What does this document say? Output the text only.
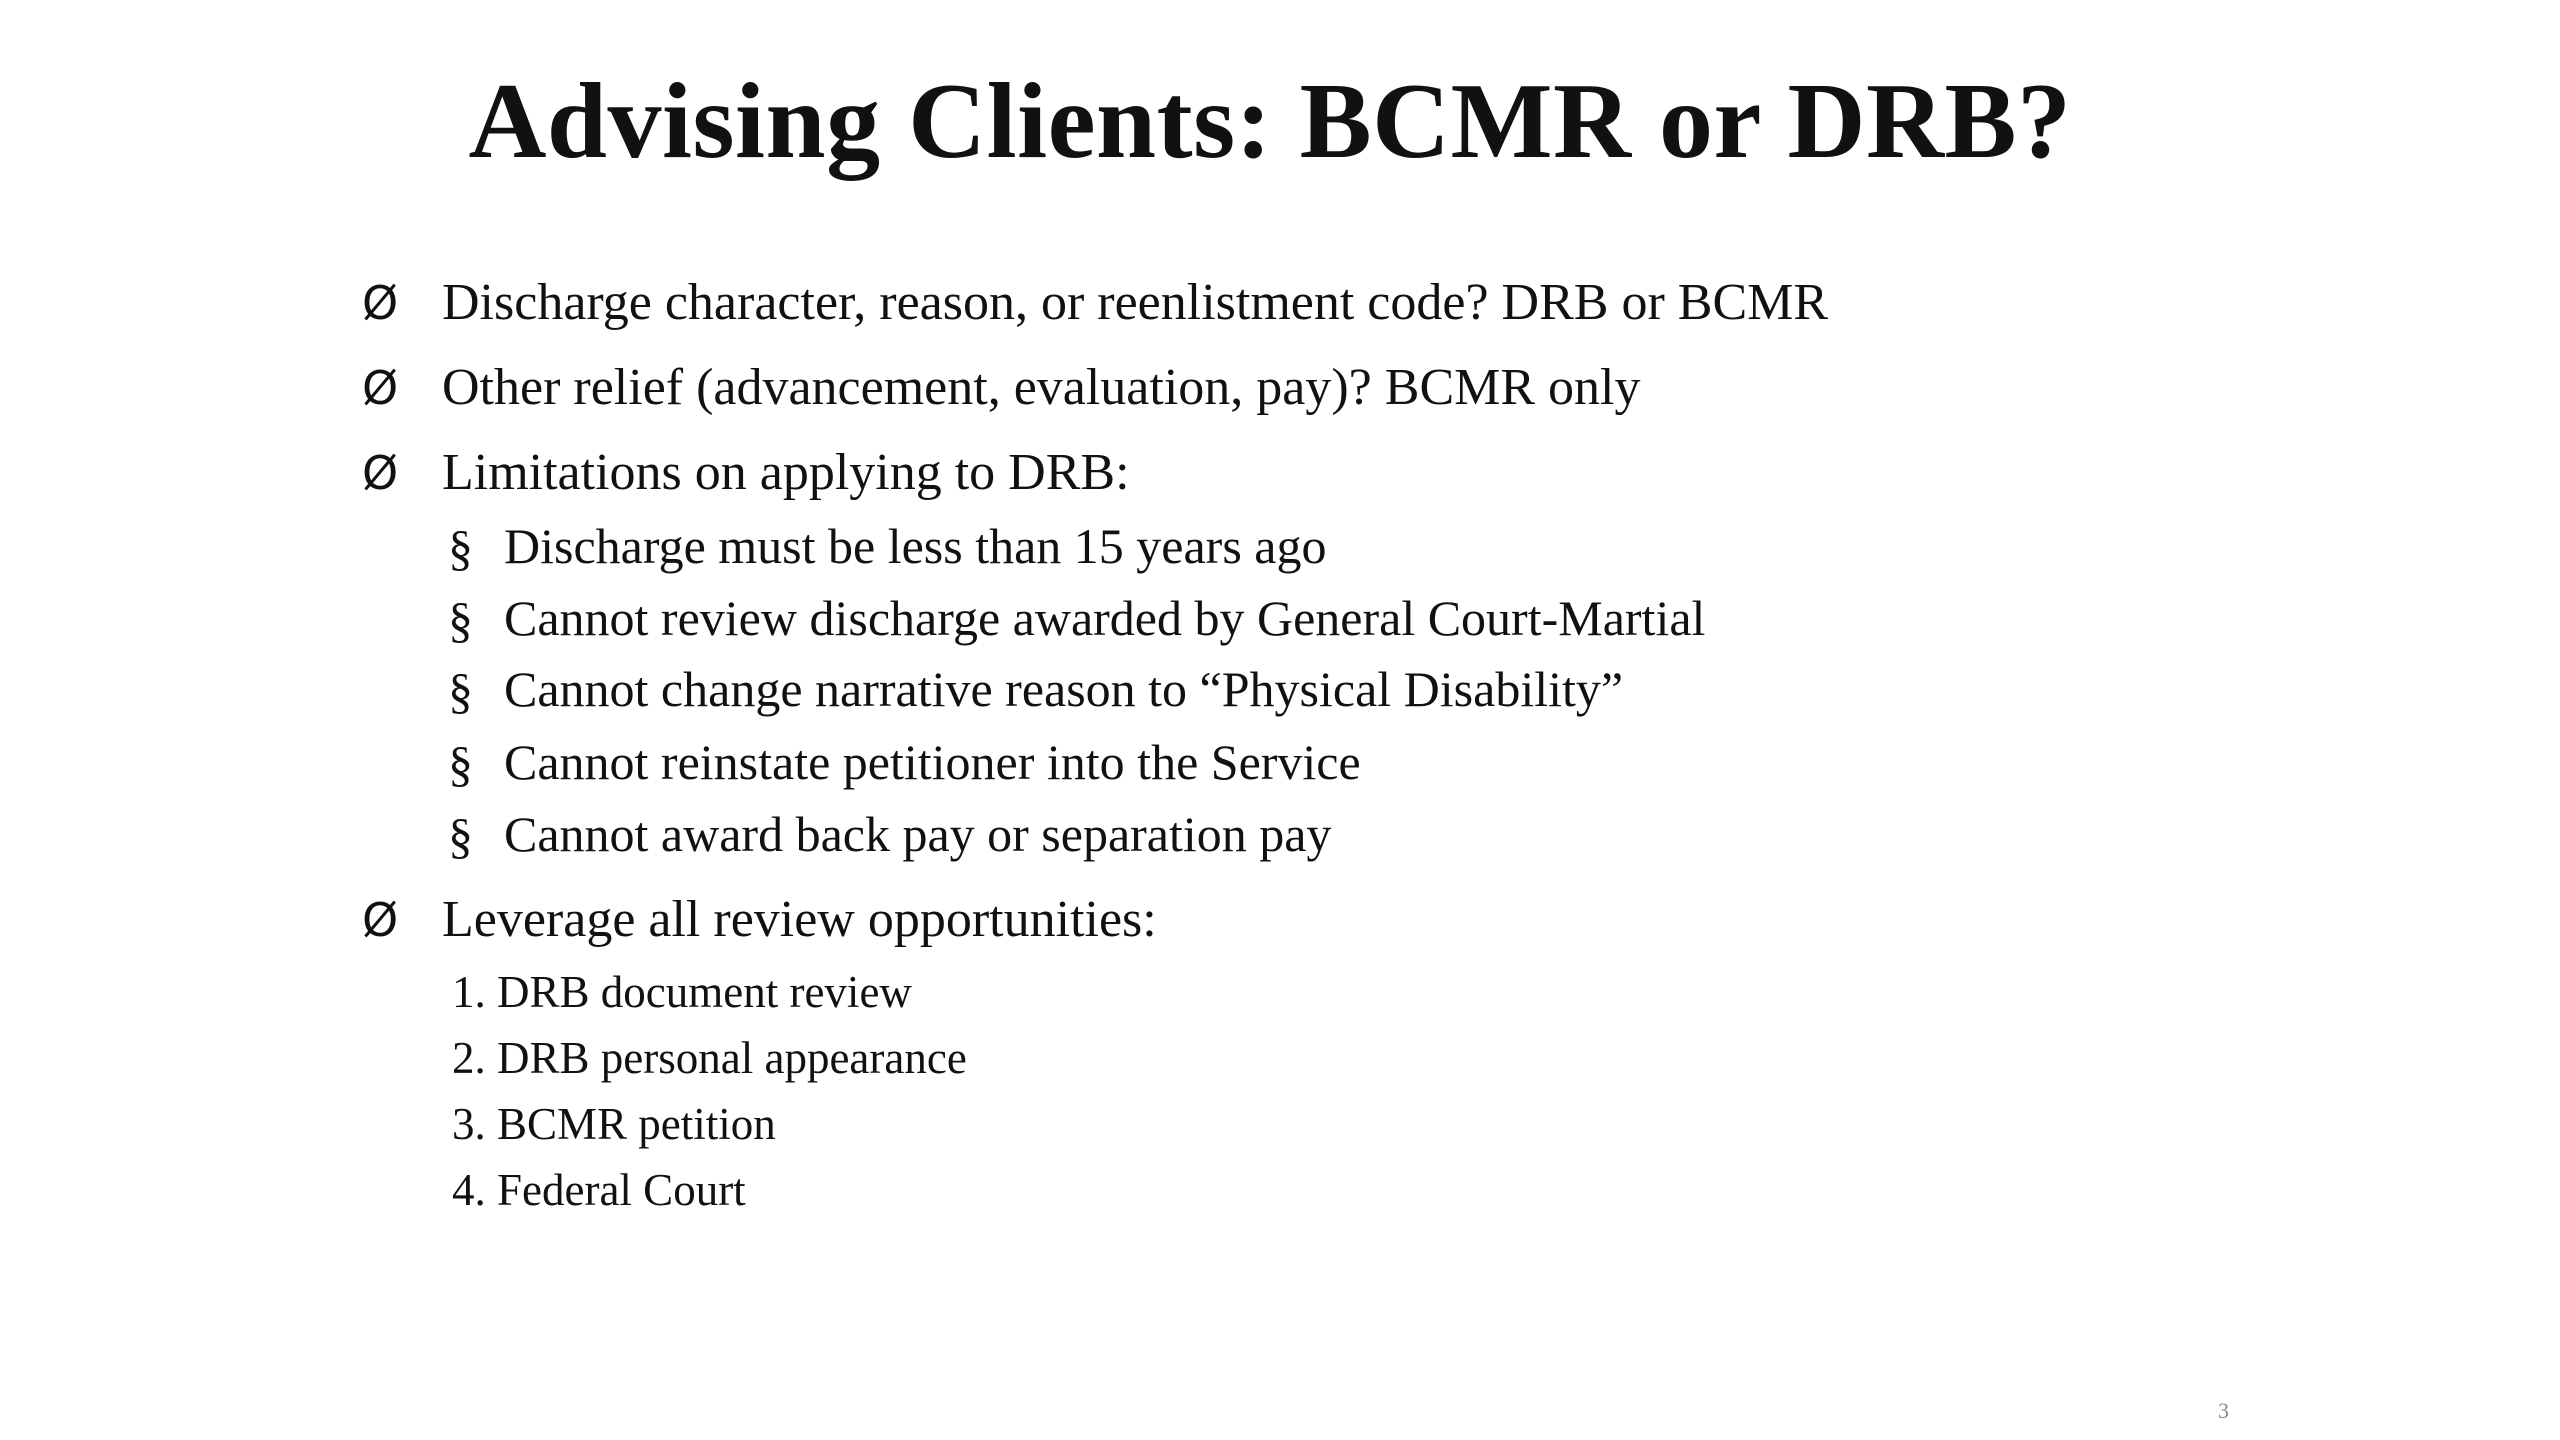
Advising Clients: BCMR or DRB?
Ø Discharge character, reason, or reenlistment code? DRB or BCMR
Ø Other relief (advancement, evaluation, pay)? BCMR only
Ø Limitations on applying to DRB:
§ Discharge must be less than 15 years ago
§ Cannot review discharge awarded by General Court-Martial
§ Cannot change narrative reason to “Physical Disability”
§ Cannot reinstate petitioner into the Service
§ Cannot award back pay or separation pay
Ø Leverage all review opportunities:
1. DRB document review
2. DRB personal appearance
3. BCMR petition
4. Federal Court
3
